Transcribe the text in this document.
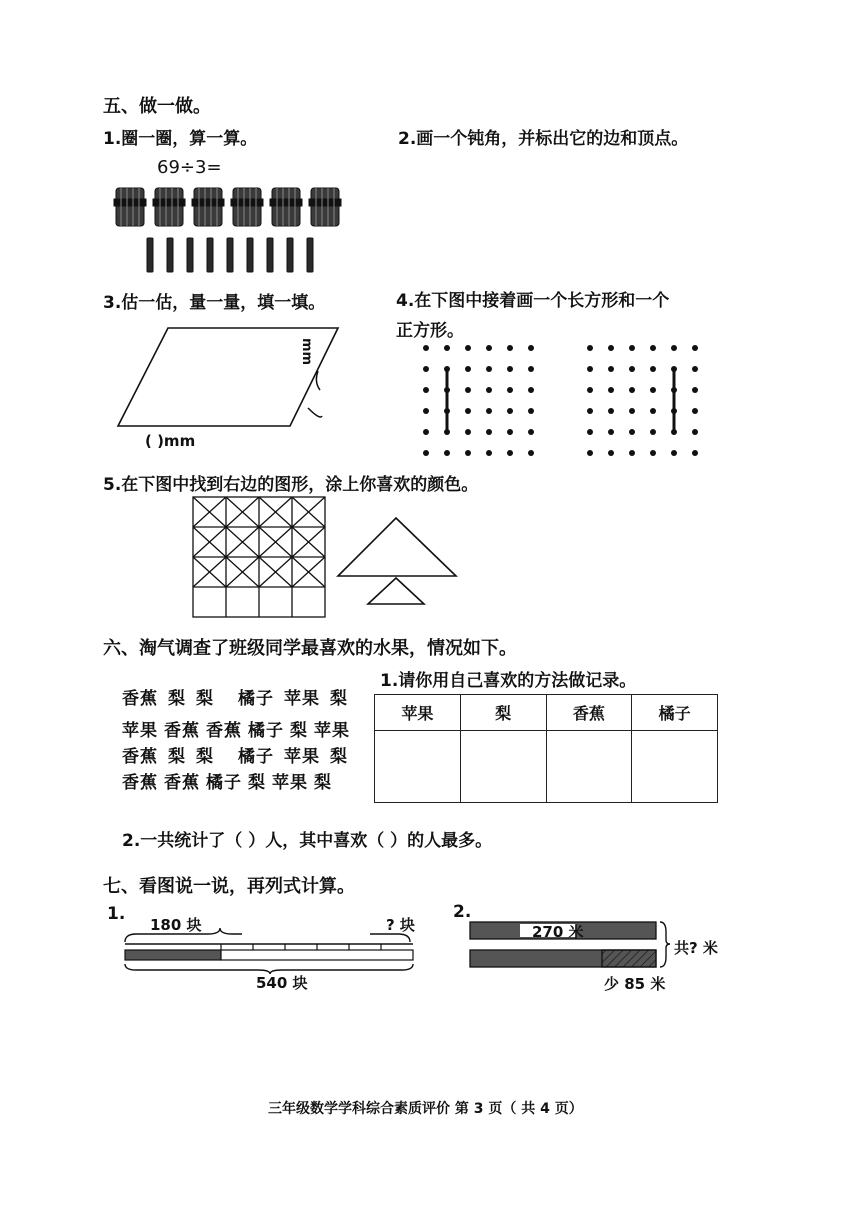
五、做一做。
1.圈一圈，算一算。
69÷3=
2.画一个钝角，并标出它的边和顶点。
3.估一估，量一量，填一填。
mm
( )mm
4.在下图中接着画一个长方形和一个
正方形。
5.在下图中找到右边的图形，涂上你喜欢的颜色。
六、淘气调查了班级同学最喜欢的水果，情况如下。
香蕉 梨 梨 橘子 苹果 梨
苹果 香蕉 香蕉 橘子 梨 苹果
香蕉 梨 梨 橘子 苹果 梨
香蕉 香蕉 橘子 梨 苹果 梨
1.请你用自己喜欢的方法做记录。
苹果	梨	香蕉	橘子

2.一共统计了（ ）人，其中喜欢（ ）的人最多。
七、看图说一说，再列式计算。
1.
180 块	? 块
540 块
2.
270 米
共? 米
少 85 米
三年级数学学科综合素质评价 第 3 页（ 共 4 页）
